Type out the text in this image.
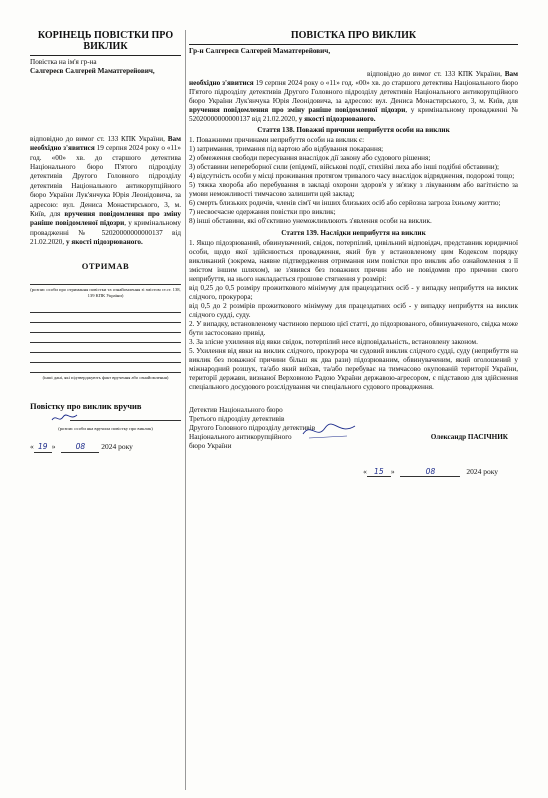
КОРІНЕЦЬ ПОВІСТКИ ПРО ВИКЛИК

Повістка на ім'я гр-на

Салгереєв Салгерей Маматгерейович,

відповідно до вимог ст. 133 КПК України, Вам необхідно з'явитися 19 серпня 2024 року о «11» год. «00» хв. до старшого детектива Національного бюро П'ятого підрозділу детективів Другого Головного підрозділу детективів Національного антикорупційного бюро України Лук'янчука Юрія Леонідовича, за адресою: вул. Дениса Монастирського, 3, м. Київ, для вручення повідомлення про зміну раніше повідомленої підозри, у кримінальному провадженні № 52020000000000137 від 21.02.2020, у якості підозрюваного.

ОТРИМАВ

(розпис особи про отримання повістки та ознайомлення зі змістом ст.ст. 138, 139 КПК України)

(інші дані, які підтверджують факт вручення або ознайомлення)

Повістку про виклик вручив

(розпис особи яка вручила повістку про виклик)

« 19 »	08 2024 року
ПОВІСТКА ПРО ВИКЛИК

Гр-н Салгереєв Салгерей Маматгерейович,

відповідно до вимог ст. 133 КПК України, Вам необхідно з'явитися 19 серпня 2024 року о «11» год. «00» хв. до старшого детектива Національного бюро П'ятого підрозділу детективів Другого Головного підрозділу детективів Національного антикорупційного бюро України Лук'янчука Юрія Леонідовича, за адресою: вул. Дениса Монастирського, 3, м. Київ, для вручення повідомлення про зміну раніше повідомленої підозри, у кримінальному провадженні № 52020000000000137 від 21.02.2020, у якості підозрюваного.

Стаття 138. Поважні причини неприбуття особи на виклик

1. Поважними причинами неприбуття особи на виклик є:

1) затримання, тримання під вартою або відбування покарання;

2) обмеження свободи пересування внаслідок дії закону або судового рішення;

3) обставини непереборної сили (епідемії, військові події, стихійні лиха або інші подібні обставини);

4) відсутність особи у місці проживання протягом тривалого часу внаслідок відрядження, подорожі тощо;

5) тяжка хвороба або перебування в закладі охорони здоров'я у зв'язку з лікуванням або вагітністю за умови неможливості тимчасово залишити цей заклад;

6) смерть близьких родичів, членів сім'ї чи інших близьких осіб або серйозна загроза їхньому життю;

7) несвоєчасне одержання повістки про виклик;

8) інші обставини, які об'єктивно унеможливлюють з'явлення особи на виклик.

Стаття 139. Наслідки неприбуття на виклик

1. Якщо підозрюваний, обвинувачений, свідок, потерпілий, цивільний відповідач, представник юридичної особи, щодо якої здійснюється провадження, який був у встановленому цим Кодексом порядку викликаний (зокрема, наявне підтвердження отримання ним повістки про виклик або ознайомлення з її змістом іншим шляхом), не з'явився без поважних причин або не повідомив про причини свого неприбуття, на нього накладається грошове стягнення у розмірі:

від 0,25 до 0,5 розміру прожиткового мінімуму для працездатних осіб - у випадку неприбуття на виклик слідчого, прокурора;

від 0,5 до 2 розмірів прожиткового мінімуму для працездатних осіб - у випадку неприбуття на виклик слідчого судді, суду.

2. У випадку, встановленому частиною першою цієї статті, до підозрюваного, обвинуваченого, свідка може бути застосовано привід.

3. За злісне ухилення від явки свідок, потерпілий несе відповідальність, встановлену законом.

5. Ухилення від явки на виклик слідчого, прокурора чи судовий виклик слідчого судді, суду (неприбуття на виклик без поважної причини більш як два рази) підозрюваним, обвинуваченим, який оголошений у міжнародний розшук, та/або який виїхав, та/або перебуває на тимчасово окупованій території України, території держави, визнаної Верховною Радою України державою-агресором, є підставою для здійснення спеціального досудового розслідування чи спеціального судового провадження.

Детектив Національного бюро
Третього підрозділу детективів
Другого Головного підрозділу детективів
Національного антикорупційного
бюро України
Олександр ПАСІЧНИК
« 15 »	08	2024 року
